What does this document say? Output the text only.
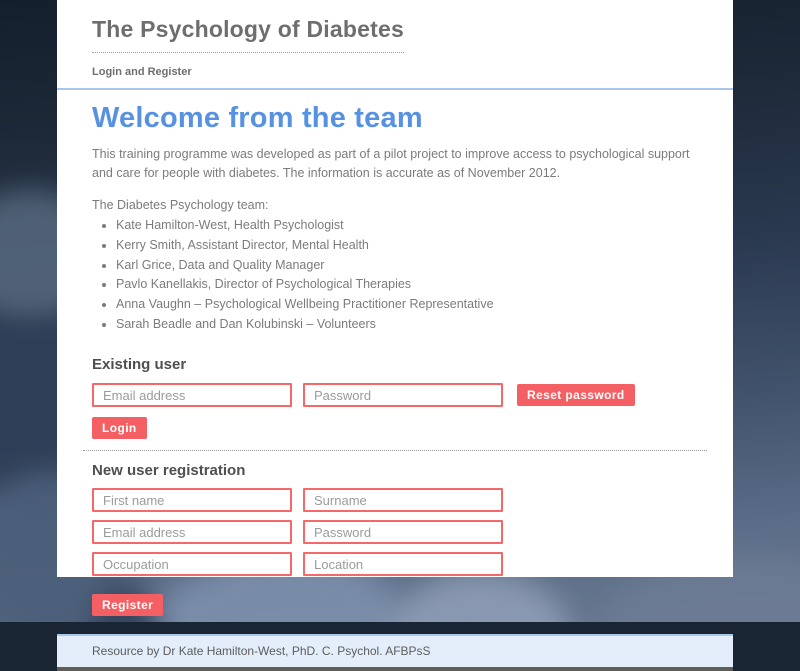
The Psychology of Diabetes
Login and Register
Welcome from the team

This training programme was developed as part of a pilot project to improve access to psychological support and care for people with diabetes. The information is accurate as of November 2012.

The Diabetes Psychology team:

• Kate Hamilton-West, Health Psychologist
• Kerry Smith, Assistant Director, Mental Health
• Karl Grice, Data and Quality Manager
• Pavlo Kanellakis, Director of Psychological Therapies
• Anna Vaughn – Psychological Wellbeing Practitioner Representative
• Sarah Beadle and Dan Kolubinski – Volunteers
Existing user
Email address
Password
Reset password
Login
New user registration
First name
Surname
Email address
Password
Occupation
Location
Register
Resource by Dr Kate Hamilton-West, PhD. C. Psychol. AFBPsS
